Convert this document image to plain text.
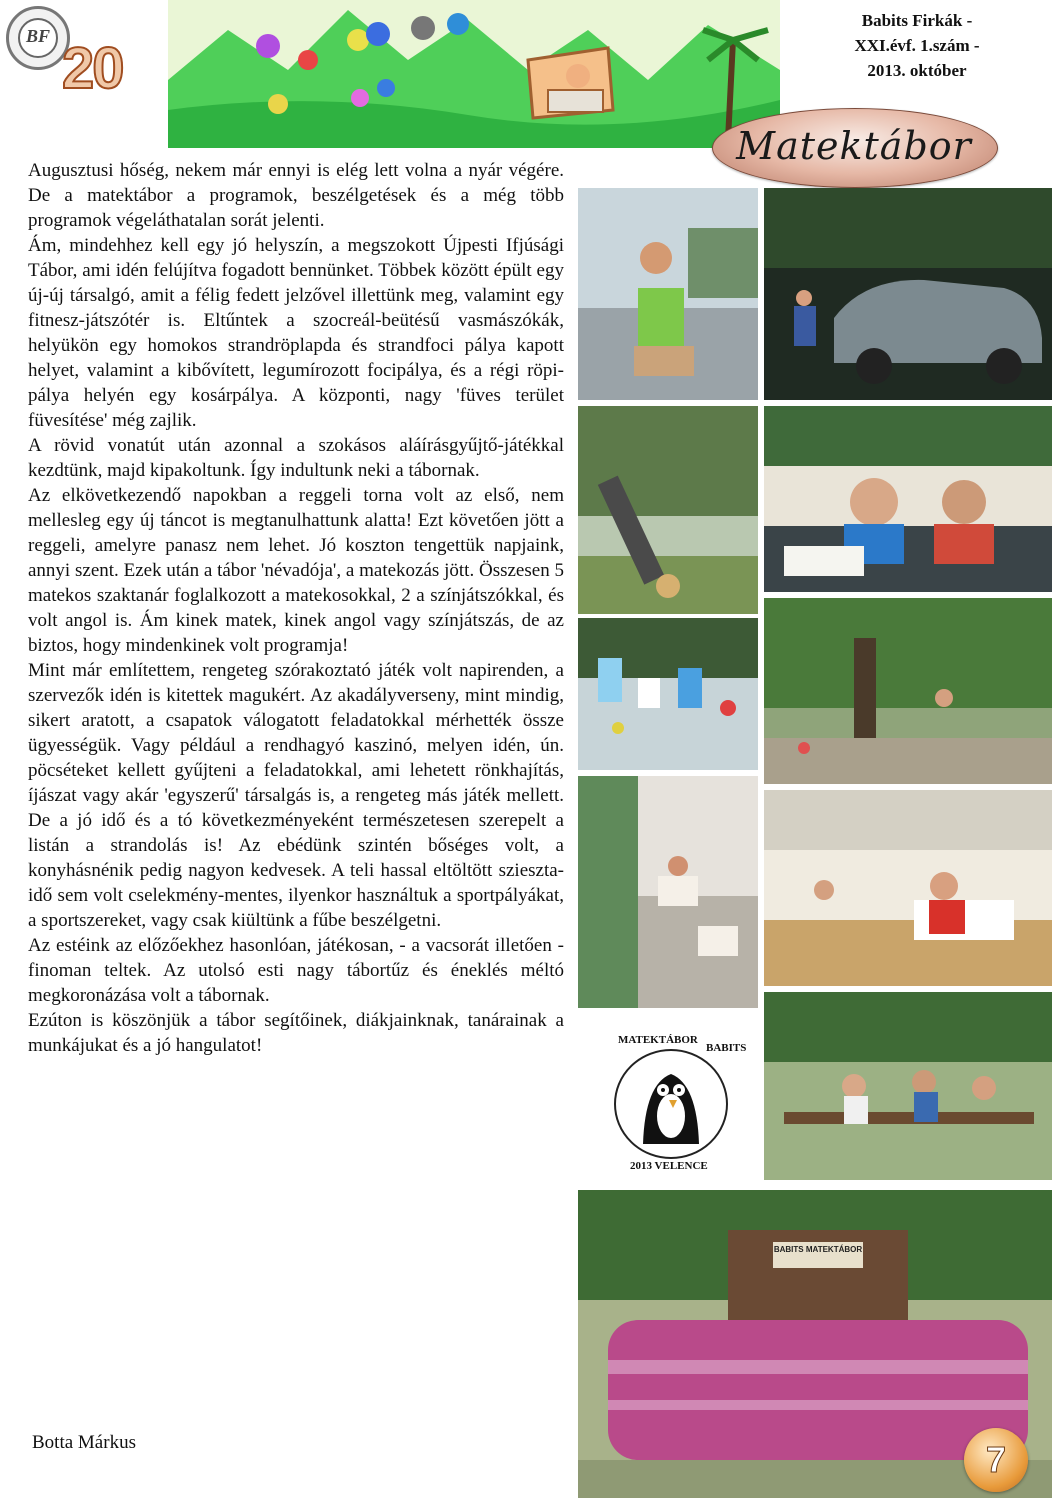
BF 20
Babits Firkák -
XXI.évf. 1.szám -
2013. október
Matektábor

Augusztusi hőség, nekem már ennyi is elég lett volna a nyár végére. De a matektábor a programok, beszélgetések és a még több programok végeláthatalan sorát jelenti.

Ám, mindehhez kell egy jó helyszín, a megszokott Újpesti Ifjúsági Tábor, ami idén felújítva fogadott bennünket. Többek között épült egy új-új társalgó, amit a félig fedett jelzővel illettünk meg, valamint egy fitnesz-játszótér is. Eltűntek a szocreál-beütésű vasmászókák, helyükön egy homokos strandröplapda és strandfoci pálya kapott helyet, valamint a kibővített, legumírozott focipálya, és a régi röpi-pálya helyén egy kosárpálya. A központi, nagy 'füves terület füvesítése' még zajlik.

A rövid vonatút után azonnal a szokásos aláírásgyűjtő-játékkal kezdtünk, majd kipakoltunk. Így indultunk neki a tábornak.

Az elkövetkezendő napokban a reggeli torna volt az első, nem mellesleg egy új táncot is megtanulhattunk alatta! Ezt követően jött a reggeli, amelyre panasz nem lehet. Jó koszton tengettük napjaink, annyi szent. Ezek után a tábor 'névadója', a matekozás jött. Összesen 5 matekos szaktanár foglalkozott a matekosokkal, 2 a színjátszókkal, és volt angol is. Ám kinek matek, kinek angol vagy színjátszás, de az biztos, hogy mindenkinek volt programja!

Mint már említettem, rengeteg szórakoztató játék volt napirenden, a szervezők idén is kitettek magukért. Az akadályverseny, mint mindig, sikert aratott, a csapatok válogatott feladatokkal mérhették össze ügyességük. Vagy például a rendhagyó kaszinó, melyen idén, ún. pöcséteket kellett gyűjteni a feladatokkal, ami lehetett rönkhajítás, íjászat vagy akár 'egyszerű' társalgás is, a rengeteg más játék mellett. De a jó idő és a tó következményeként természetesen szerepelt a listán a strandolás is! Az ebédünk szintén bőséges volt, a konyhásnénik pedig nagyon kedvesek. A teli hassal eltöltött sziesztа-idő sem volt cselekmény-mentes, ilyenkor használtuk a sportpályákat, a sportszereket, vagy csak kiültünk a fűbe beszélgetni.

Az estéink az előzőekhez hasonlóan, játékosan, - a vacsorát illetően - finoman teltek. Az utolsó esti nagy tábortűz és éneklés méltó megkoronázása volt a tábornak.

Ezúton is köszönjük a tábor segítőinek, diákjainknak, tanárainak a munkájukat és a jó hangulatot!

Botta Márkus
MATEKTÁBOR
BABITS
2013 VELENCE
BABITS MATEKTÁBOR
7
